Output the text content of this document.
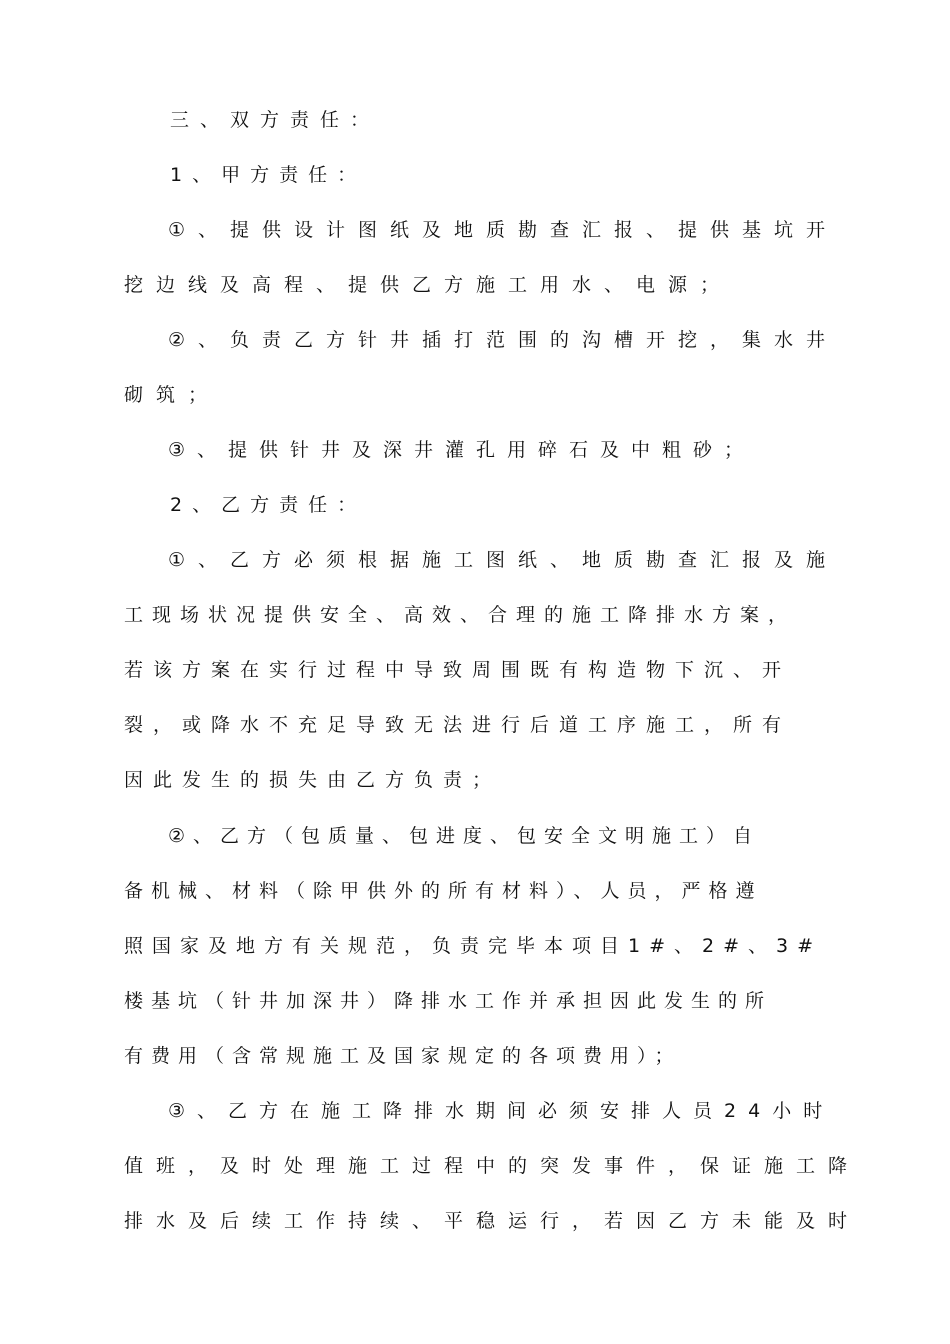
三、双方责任：
1、甲方责任：
①、提供设计图纸及地质勘查汇报、提供基坑开
挖边线及高程、提供乙方施工用水、电源；
②、负责乙方针井插打范围的沟槽开挖，集水井
砌筑；
③、提供针井及深井灌孔用碎石及中粗砂；
2、乙方责任：
①、乙方必须根据施工图纸、地质勘查汇报及施
工现场状况提供安全、高效、合理的施工降排水方案，
若该方案在实行过程中导致周围既有构造物下沉、开
裂，或降水不充足导致无法进行后道工序施工，所有
因此发生的损失由乙方负责；
②、乙方（包质量、包进度、包安全文明施工）自
备机械、材料（除甲供外的所有材料）、人员，严格遵
照国家及地方有关规范，负责完毕本项目1#、2#、3#
楼基坑（针井加深井）降排水工作并承担因此发生的所
有费用（含常规施工及国家规定的各项费用）；
③、乙方在施工降排水期间必须安排人员24小时
值班，及时处理施工过程中的突发事件，保证施工降
排水及后续工作持续、平稳运行，若因乙方未能及时
